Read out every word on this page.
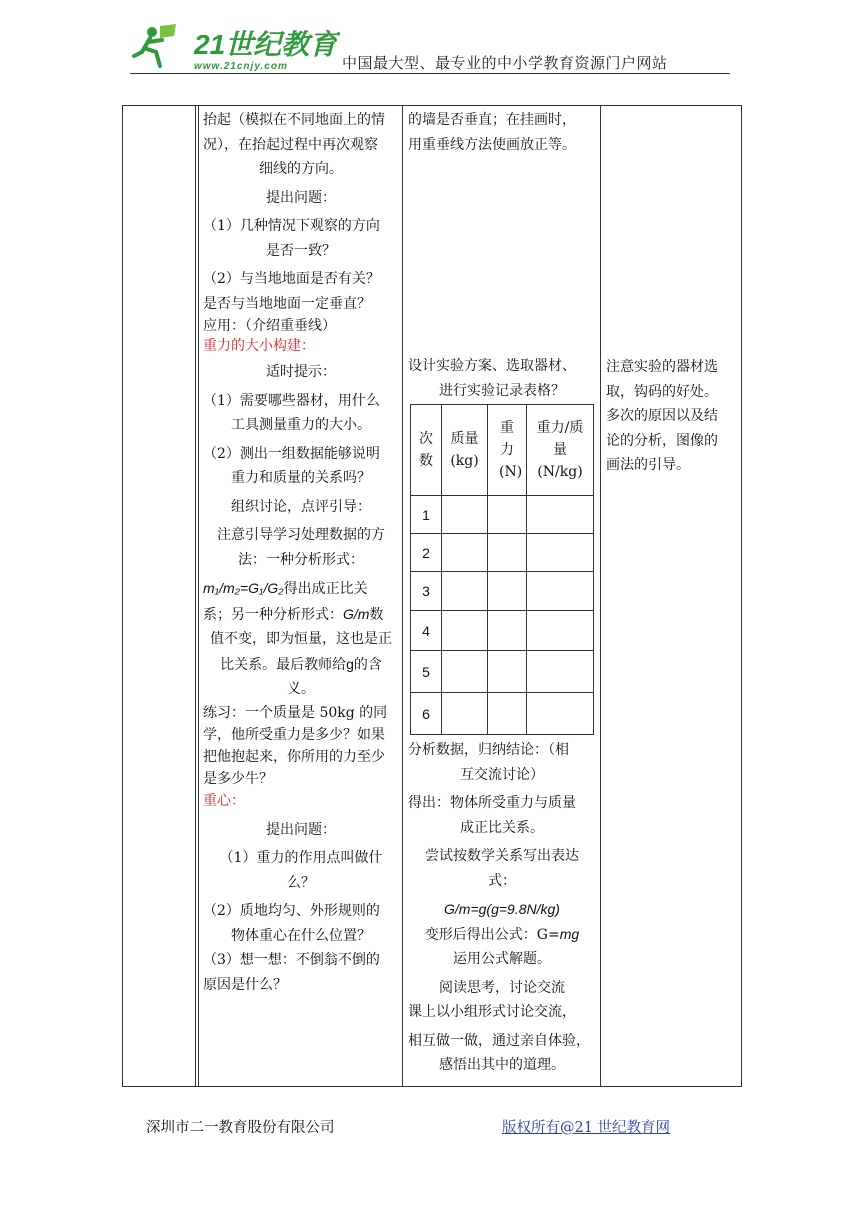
21世纪教育
www.21cnjy.com	中国最大型、最专业的中小学教育资源门户网站
抬起（模拟在不同地面上的情
况），在抬起过程中再次观察
细线的方向。
提出问题：
（1）几种情况下观察的方向
是否一致？
（2）与当地地面是否有关？
是否与当地地面一定垂直？
应用：（介绍重垂线）
重力的大小构建：
适时提示：
（1）需要哪些器材，用什么
工具测量重力的大小。
（2）测出一组数据能够说明
重力和质量的关系吗？
组织讨论，点评引导：
注意引导学习处理数据的方
法：一种分析形式：
m₁/m₂=G₁/G₂得出成正比关
系；另一种分析形式：G/m数
值不变，即为恒量，这也是正
比关系。最后教师给g的含
义。
练习：一个质量是 50kg 的同
学，他所受重力是多少？如果
把他抱起来，你所用的力至少
是多少牛？
重心：
提出问题：
（1）重力的作用点叫做什
么？
（2）质地均匀、外形规则的
物体重心在什么位置？
（3）想一想：不倒翁不倒的
原因是什么？
的墙是否垂直；在挂画时，
用重垂线方法使画放正等。
设计实验方案、选取器材、
进行实验记录表格？
次数	质量(kg)	重力(N)	重力/质量(N/kg)

1			
2			
3			
4			
5			
6			
分析数据，归纳结论：（相
互交流讨论）
得出：物体所受重力与质量
成正比关系。
尝试按数学关系写出表达
式：
G/m=g(g=9.8N/kg)
变形后得出公式：G=mg
运用公式解题。
阅读思考，讨论交流
课上以小组形式讨论交流，
相互做一做，通过亲自体验，
感悟出其中的道理。
注意实验的器材选
取，钩码的好处。
多次的原因以及结
论的分析，图像的
画法的引导。
深圳市二一教育股份有限公司	版权所有@21 世纪教育网
